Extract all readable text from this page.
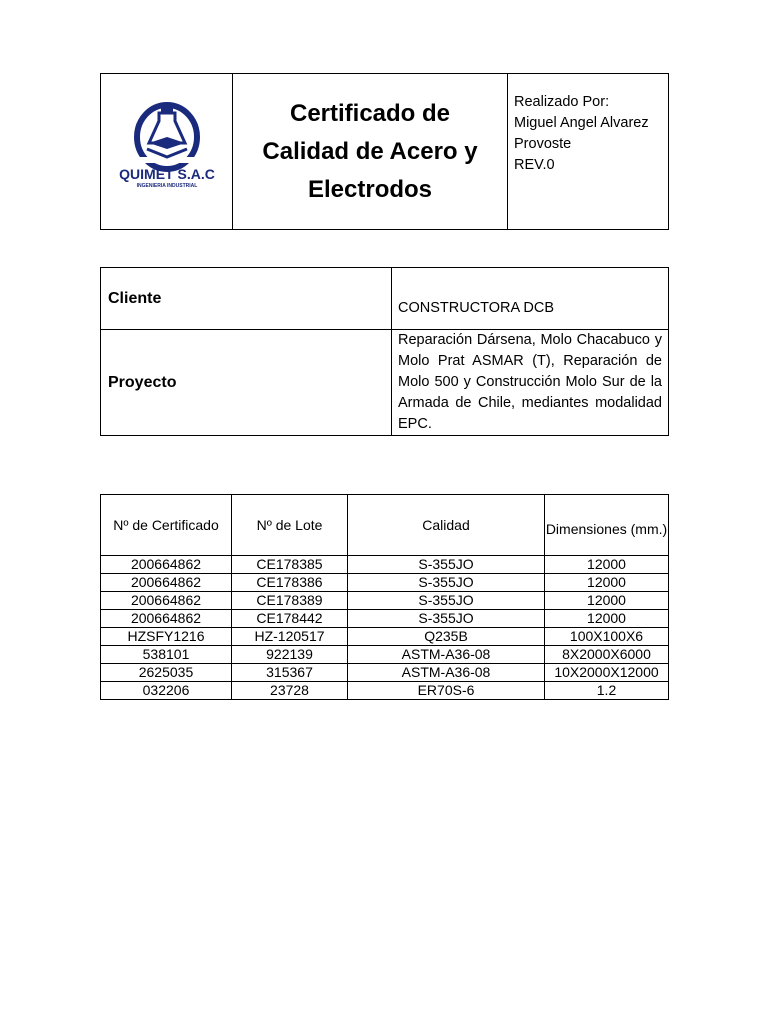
QUIMET S.A.C
INGENIERIA INDUSTRIAL

Certificado de
Calidad de Acero y
Electrodos

Realizado Por:
Miguel Angel Alvarez
Provoste
REV.0
Cliente	CONSTRUCTORA DCB
Proyecto	Reparación Dársena, Molo Chacabuco y Molo Prat ASMAR (T), Reparación de Molo 500 y Construcción Molo Sur de la Armada de Chile, mediantes modalidad EPC.
Nº de Certificado	Nº de Lote	Calidad	Dimensiones (mm.)
200664862	CE178385	S-355JO	12000
200664862	CE178386	S-355JO	12000
200664862	CE178389	S-355JO	12000
200664862	CE178442	S-355JO	12000
HZSFY1216	HZ-120517	Q235B	100X100X6
538101	922139	ASTM-A36-08	8X2000X6000
2625035	315367	ASTM-A36-08	10X2000X12000
032206	23728	ER70S-6	1.2
